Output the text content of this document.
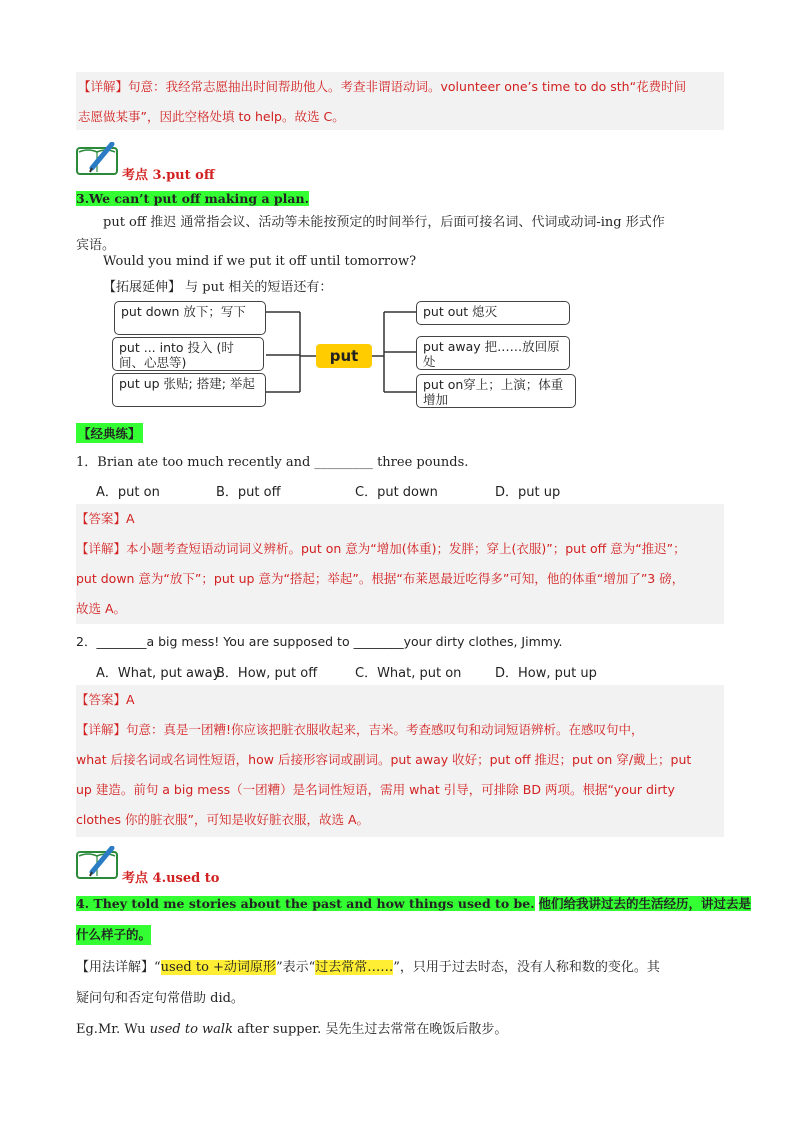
【详解】句意：我经常志愿抽出时间帮助他人。考查非谓语动词。volunteer one’s time to do sth“花费时间
志愿做某事”，因此空格处填 to help。故选 C。
考点 3.put off
3.We can’t put off making a plan.
put off 推迟 通常指会议、活动等未能按预定的时间举行，后面可接名词、代词或动词-ing 形式作
宾语。
Would you mind if we put it off until tomorrow?
【拓展延伸】 与 put 相关的短语还有：
put down 放下；写下
put ... into 投入 (时间、心思等)
put up 张贴; 搭建; 举起
put
put out 熄灭
put away 把……放回原处
put on穿上；上演；体重增加
【经典练】
1．Brian ate too much recently and _________ three pounds.
A．put on	B．put off	C．put down	D．put up
【答案】A
【详解】本小题考查短语动词词义辨析。put on 意为“增加(体重)；发胖；穿上(衣服)”；put off 意为“推迟”；
put down 意为“放下”；put up 意为“搭起；举起”。根据“布莱恩最近吃得多”可知，他的体重“增加了”3 磅，
故选 A。
2．________a big mess! You are supposed to ________your dirty clothes, Jimmy.
A．What, put away
B．How, put off	C．What, put on	D．How, put up
【答案】A
【详解】句意：真是一团糟!你应该把脏衣服收起来，吉米。考查感叹句和动词短语辨析。在感叹句中，
what 后接名词或名词性短语，how 后接形容词或副词。put away 收好；put off 推迟；put on 穿/戴上；put
up 建造。前句 a big mess（一团糟）是名词性短语，需用 what 引导，可排除 BD 两项。根据“your dirty
clothes 你的脏衣服”，可知是收好脏衣服，故选 A。
考点 4.used to
4. They told me stories about the past and how things used to be. 他们给我讲过去的生活经历，讲过去是
什么样子的。
【用法详解】“used to +动词原形”表示“过去常常……”，只用于过去时态，没有人称和数的变化。其
疑问句和否定句常借助 did。
Eg.Mr. Wu used to walk after supper. 吴先生过去常常在晚饭后散步。
